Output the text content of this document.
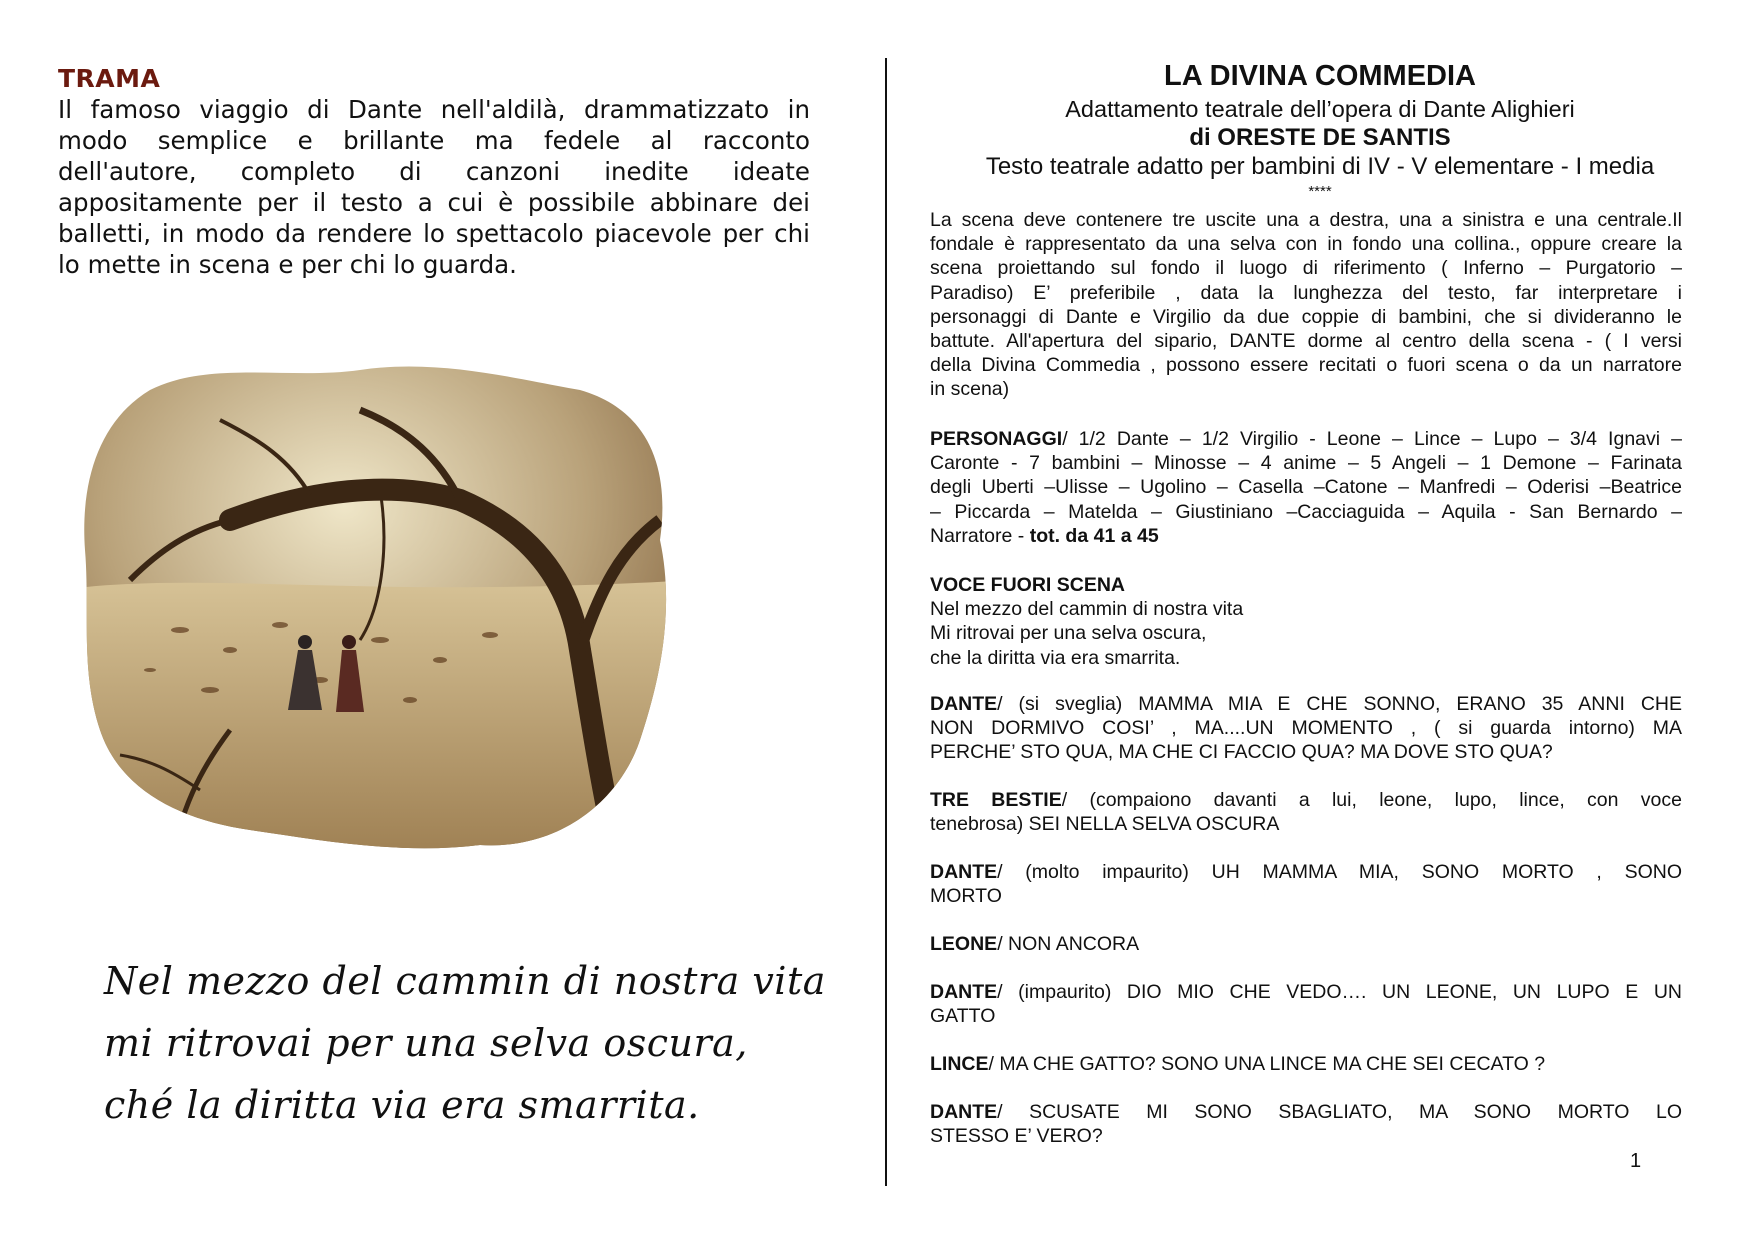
TRAMA
Il famoso viaggio di Dante nell'aldilà, drammatizzato in
modo semplice e brillante ma fedele al racconto
dell'autore, completo di canzoni inedite ideate
appositamente per il testo a cui è possibile abbinare dei
balletti, in modo da rendere lo spettacolo piacevole per chi
lo mette in scena e per chi lo guarda.
Nel mezzo del cammin di nostra vita
mi ritrovai per una selva oscura,
ché la diritta via era smarrita.
LA DIVINA COMMEDIA
Adattamento teatrale dell’opera di Dante Alighieri
di ORESTE DE SANTIS
Testo teatrale adatto per bambini di IV - V elementare - I media
****
La scena deve contenere tre uscite una a destra, una a sinistra e una centrale.Il
fondale è rappresentato da una selva con in fondo una collina., oppure creare la
scena proiettando sul fondo il luogo di riferimento ( Inferno – Purgatorio –
Paradiso) E’ preferibile , data la lunghezza del testo, far interpretare i
personaggi di Dante e Virgilio da due coppie di bambini, che si divideranno le
battute. All'apertura del sipario, DANTE dorme al centro della scena - ( I versi
della Divina Commedia , possono essere recitati o fuori scena o da un narratore
in scena)
PERSONAGGI/ 1/2 Dante – 1/2 Virgilio - Leone – Lince – Lupo – 3/4 Ignavi –
Caronte - 7 bambini – Minosse – 4 anime – 5 Angeli – 1 Demone – Farinata
degli Uberti –Ulisse – Ugolino – Casella –Catone – Manfredi – Oderisi –Beatrice
– Piccarda – Matelda – Giustiniano –Cacciaguida – Aquila - San Bernardo –
Narratore - tot. da 41 a 45
VOCE FUORI SCENA
Nel mezzo del cammin di nostra vita
Mi ritrovai per una selva oscura,
che la diritta via era smarrita.
DANTE/ (si sveglia) MAMMA MIA E CHE SONNO, ERANO 35 ANNI CHE
NON DORMIVO COSI’ , MA....UN MOMENTO , ( si guarda intorno) MA
PERCHE’ STO QUA, MA CHE CI FACCIO QUA? MA DOVE STO QUA?
TRE BESTIE/ (compaiono davanti a lui, leone, lupo, lince, con voce
tenebrosa) SEI NELLA SELVA OSCURA
DANTE/ (molto impaurito) UH MAMMA MIA, SONO MORTO , SONO
MORTO
LEONE/ NON ANCORA
DANTE/ (impaurito) DIO MIO CHE VEDO…. UN LEONE, UN LUPO E UN
GATTO
LINCE/ MA CHE GATTO? SONO UNA LINCE MA CHE SEI CECATO ?
DANTE/ SCUSATE MI SONO SBAGLIATO, MA SONO MORTO LO
STESSO E’ VERO?
1
